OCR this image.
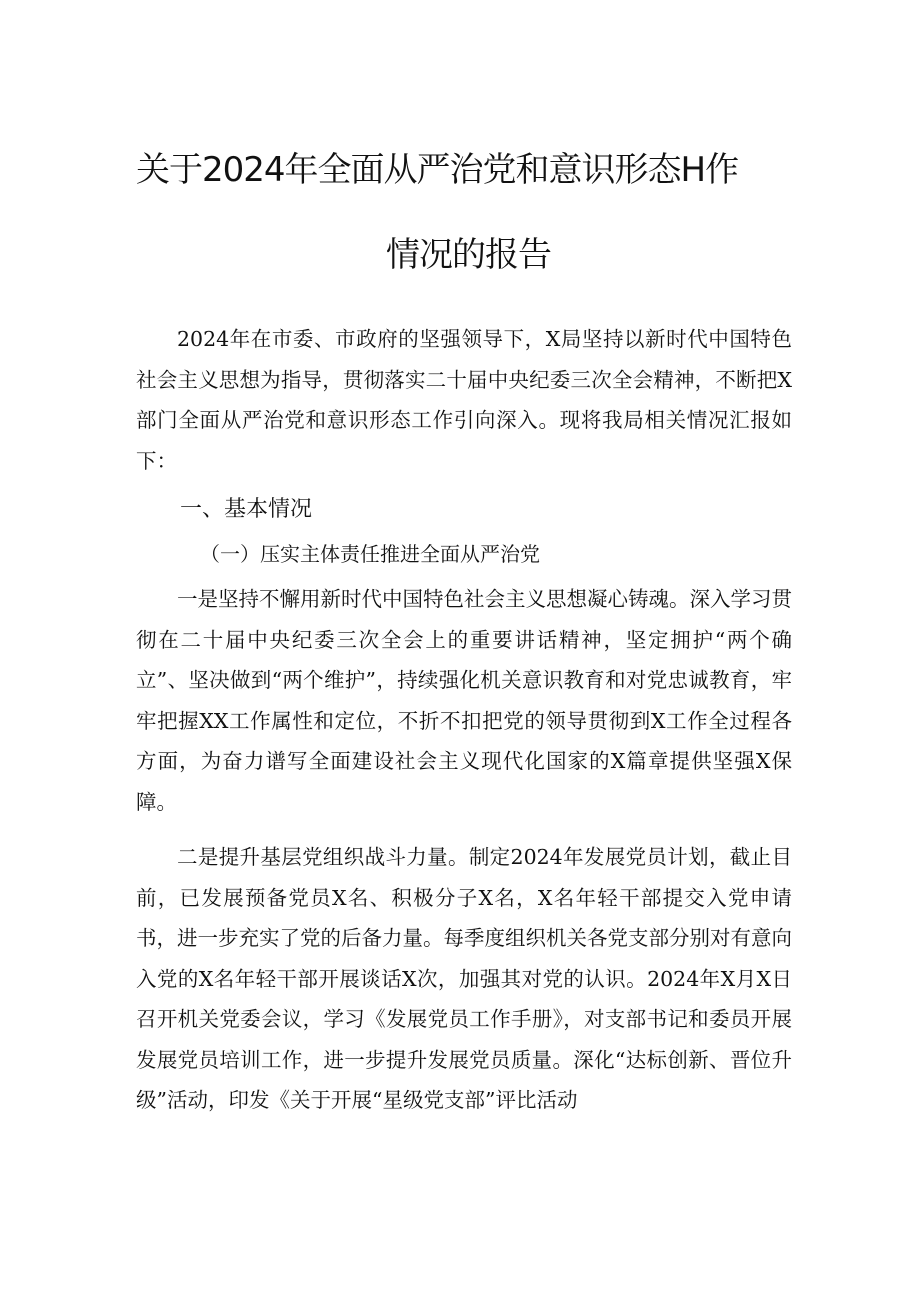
关于2024年全面从严治党和意识形态H作
情况的报告
2024年在市委、市政府的坚强领导下，X局坚持以新时代中国特色社会主义思想为指导，贯彻落实二十届中央纪委三次全会精神，不断把X部门全面从严治党和意识形态工作引向深入。现将我局相关情况汇报如下：
一、基本情况
（一）压实主体责任推进全面从严治党
一是坚持不懈用新时代中国特色社会主义思想凝心铸魂。深入学习贯彻在二十届中央纪委三次全会上的重要讲话精神，坚定拥护“两个确立”、坚决做到“两个维护”，持续强化机关意识教育和对党忠诚教育，牢牢把握XX工作属性和定位，不折不扣把党的领导贯彻到X工作全过程各方面，为奋力谱写全面建设社会主义现代化国家的X篇章提供坚强X保障。
二是提升基层党组织战斗力量。制定2024年发展党员计划，截止目前，已发展预备党员X名、积极分子X名，X名年轻干部提交入党申请书，进一步充实了党的后备力量。每季度组织机关各党支部分别对有意向入党的X名年轻干部开展谈话X次，加强其对党的认识。2024年X月X日召开机关党委会议，学习《发展党员工作手册》，对支部书记和委员开展发展党员培训工作，进一步提升发展党员质量。深化“达标创新、晋位升级”活动，印发《关于开展“星级党支部”评比活动
